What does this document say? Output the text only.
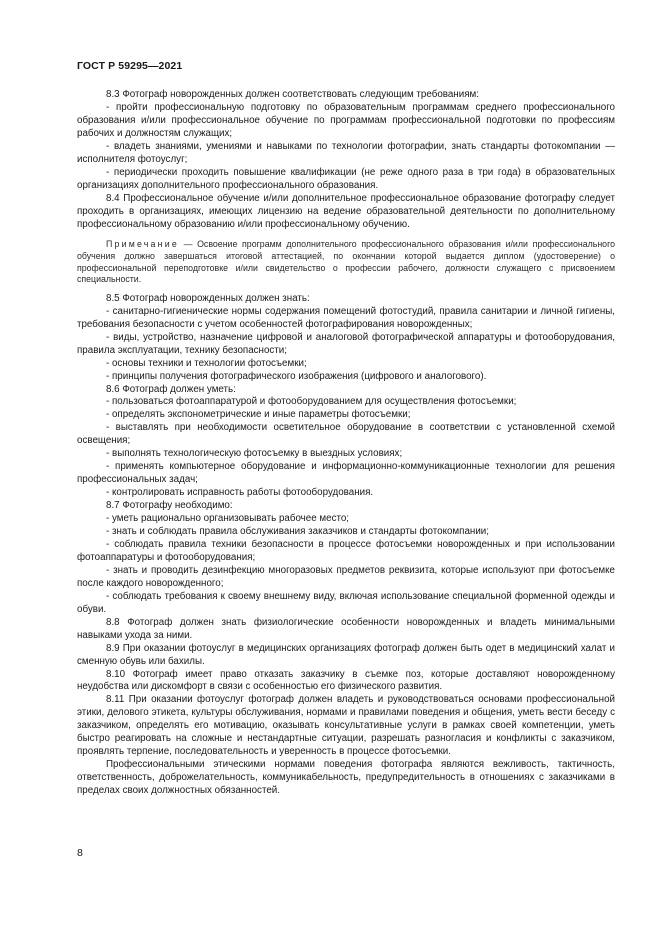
ГОСТ Р 59295—2021

8.3 Фотограф новорожденных должен соответствовать следующим требованиям:

- пройти профессиональную подготовку по образовательным программам среднего профессионального образования и/или профессиональное обучение по программам профессиональной подготовки по профессиям рабочих и должностям служащих;

- владеть знаниями, умениями и навыками по технологии фотографии, знать стандарты фотокомпании — исполнителя фотоуслуг;

- периодически проходить повышение квалификации (не реже одного раза в три года) в образовательных организациях дополнительного профессионального образования.

8.4 Профессиональное обучение и/или дополнительное профессиональное образование фотографу следует проходить в организациях, имеющих лицензию на ведение образовательной деятельности по дополнительному профессиональному образованию и/или профессиональному обучению.

Примечание — Освоение программ дополнительного профессионального образования и/или профессионального обучения должно завершаться итоговой аттестацией, по окончании которой выдается диплом (удостоверение) о профессиональной переподготовке и/или свидетельство о профессии рабочего, должности служащего с присвоением специальности.

8.5 Фотограф новорожденных должен знать:

- санитарно-гигиенические нормы содержания помещений фотостудий, правила санитарии и личной гигиены, требования безопасности с учетом особенностей фотографирования новорожденных;

- виды, устройство, назначение цифровой и аналоговой фотографической аппаратуры и фотооборудования, правила эксплуатации, технику безопасности;

- основы техники и технологии фотосъемки;

- принципы получения фотографического изображения (цифрового и аналогового).

8.6 Фотограф должен уметь:

- пользоваться фотоаппаратурой и фотооборудованием для осуществления фотосъемки;

- определять экспонометрические и иные параметры фотосъемки;

- выставлять при необходимости осветительное оборудование в соответствии с установленной схемой освещения;

- выполнять технологическую фотосъемку в выездных условиях;

- применять компьютерное оборудование и информационно-коммуникационные технологии для решения профессиональных задач;

- контролировать исправность работы фотооборудования.

8.7 Фотографу необходимо:

- уметь рационально организовывать рабочее место;

- знать и соблюдать правила обслуживания заказчиков и стандарты фотокомпании;

- соблюдать правила техники безопасности в процессе фотосъемки новорожденных и при использовании фотоаппаратуры и фотооборудования;

- знать и проводить дезинфекцию многоразовых предметов реквизита, которые используют при фотосъемке после каждого новорожденного;

- соблюдать требования к своему внешнему виду, включая использование специальной форменной одежды и обуви.

8.8 Фотограф должен знать физиологические особенности новорожденных и владеть минимальными навыками ухода за ними.

8.9 При оказании фотоуслуг в медицинских организациях фотограф должен быть одет в медицинский халат и сменную обувь или бахилы.

8.10 Фотограф имеет право отказать заказчику в съемке поз, которые доставляют новорожденному неудобства или дискомфорт в связи с особенностью его физического развития.

8.11 При оказании фотоуслуг фотограф должен владеть и руководствоваться основами профессиональной этики, делового этикета, культуры обслуживания, нормами и правилами поведения и общения, уметь вести беседу с заказчиком, определять его мотивацию, оказывать консультативные услуги в рамках своей компетенции, уметь быстро реагировать на сложные и нестандартные ситуации, разрешать разногласия и конфликты с заказчиком, проявлять терпение, последовательность и уверенность в процессе фотосъемки.

Профессиональными этическими нормами поведения фотографа являются вежливость, тактичность, ответственность, доброжелательность, коммуникабельность, предупредительность в отношениях с заказчиками в пределах своих должностных обязанностей.

8
